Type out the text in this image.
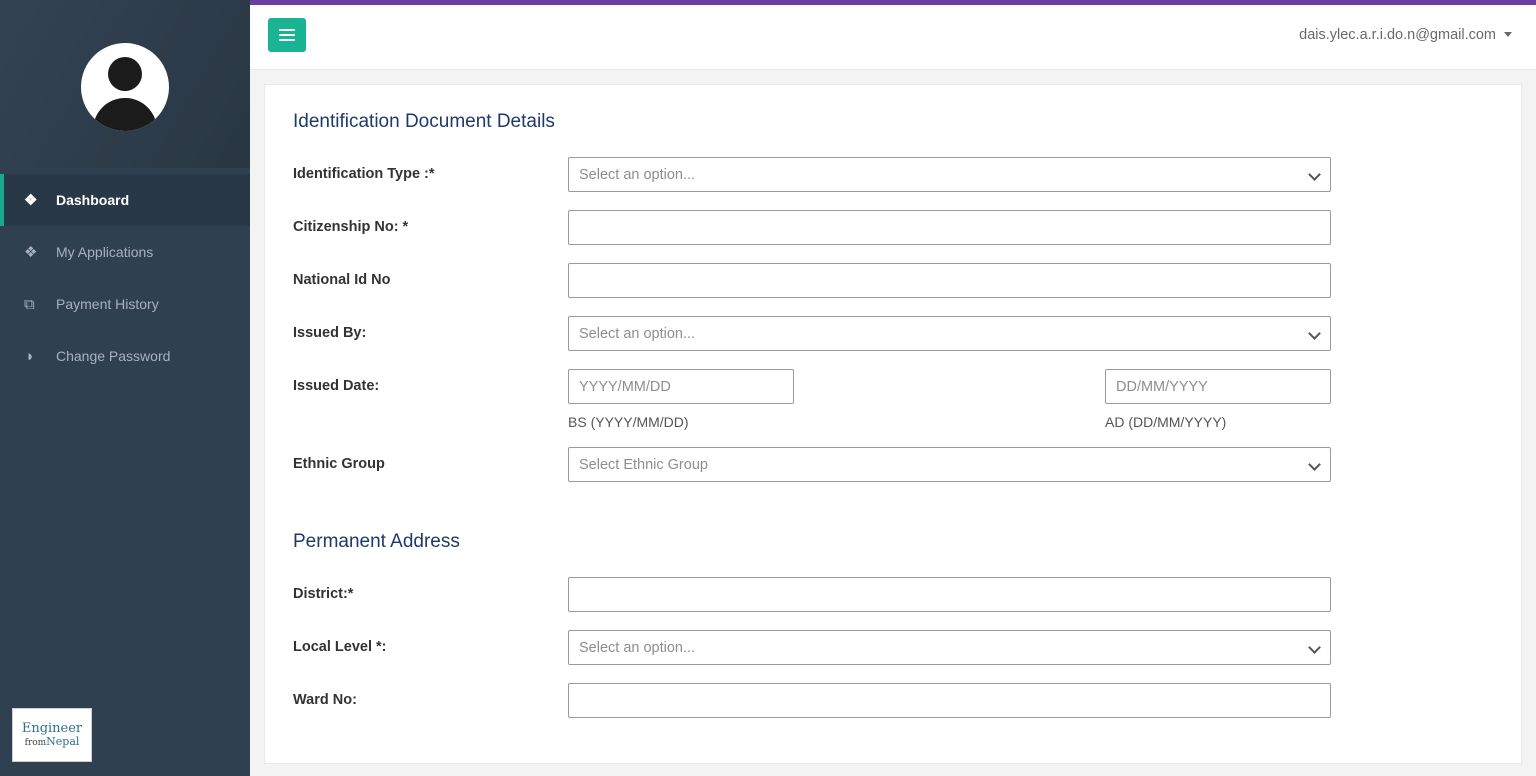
❖	Dashboard
❖	My Applications
⧉	Payment History
◑	Change Password
Engineer
fromNepal
dais.ylec.a.r.i.do.n@gmail.com
Identification Document Details
Identification Type :*
Select an option...
Citizenship No: *
National Id No
Issued By:
Select an option...
Issued Date:
YYYY/MM/DD
BS (YYYY/MM/DD)
DD/MM/YYYY	AD (DD/MM/YYYY)
Ethnic Group
Select Ethnic Group
Permanent Address
District:*
Local Level *:
Select an option...
Ward No:
